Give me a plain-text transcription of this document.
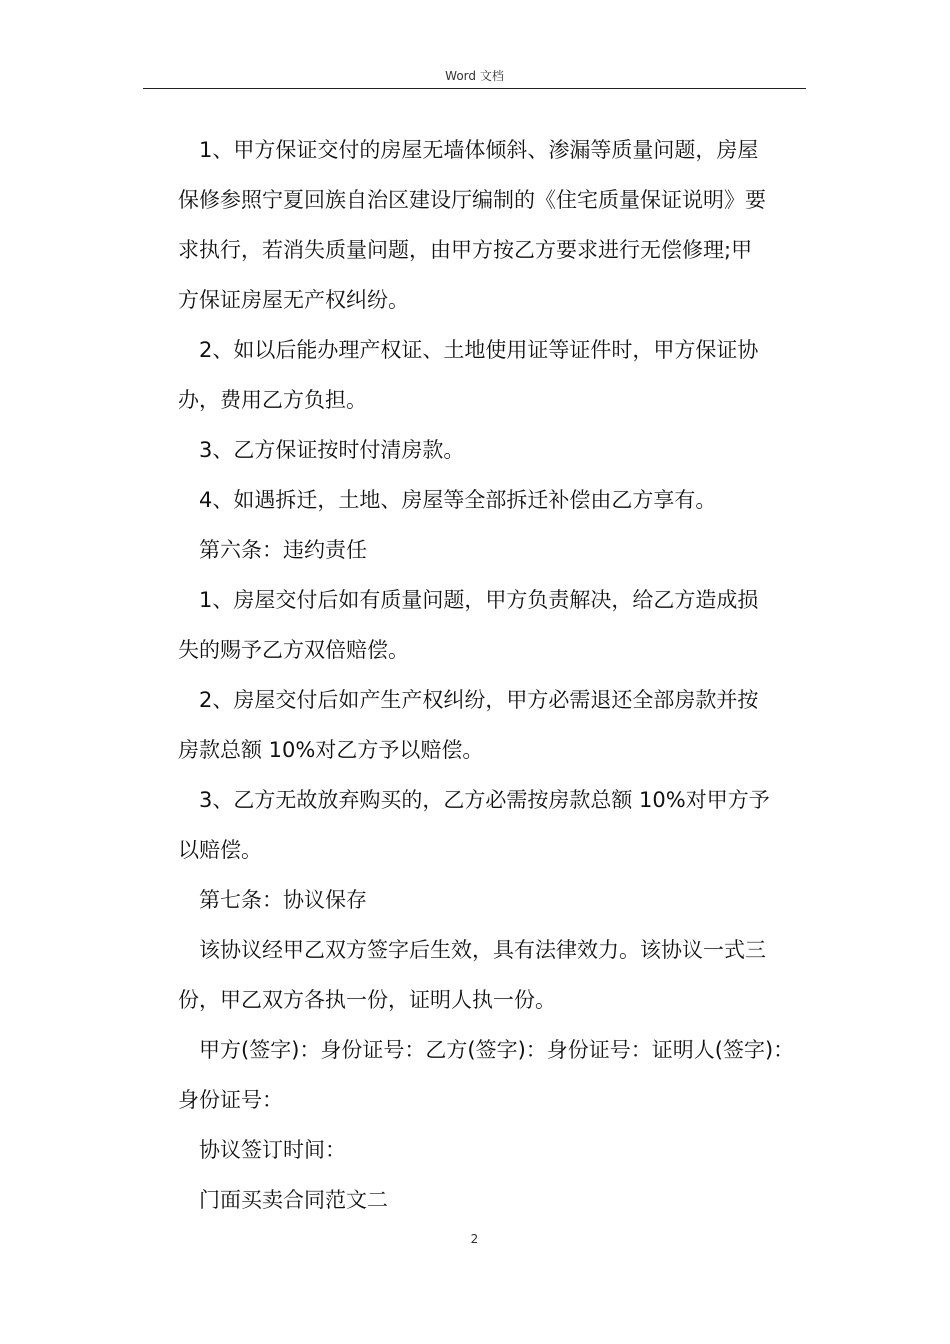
Word 文档

1、甲方保证交付的房屋无墙体倾斜、渗漏等质量问题，房屋
保修参照宁夏回族自治区建设厅编制的《住宅质量保证说明》要
求执行，若消失质量问题，由甲方按乙方要求进行无偿修理;甲
方保证房屋无产权纠纷。

2、如以后能办理产权证、土地使用证等证件时，甲方保证协
办，费用乙方负担。

3、乙方保证按时付清房款。

4、如遇拆迁，土地、房屋等全部拆迁补偿由乙方享有。

第六条：违约责任

1、房屋交付后如有质量问题，甲方负责解决，给乙方造成损
失的赐予乙方双倍赔偿。

2、房屋交付后如产生产权纠纷，甲方必需退还全部房款并按
房款总额 10%对乙方予以赔偿。

3、乙方无故放弃购买的，乙方必需按房款总额 10%对甲方予
以赔偿。

第七条：协议保存

该协议经甲乙双方签字后生效，具有法律效力。该协议一式三
份，甲乙双方各执一份，证明人执一份。

甲方(签字)：身份证号：乙方(签字)：身份证号：证明人(签字)：
身份证号：

协议签订时间：

门面买卖合同范文二

2
